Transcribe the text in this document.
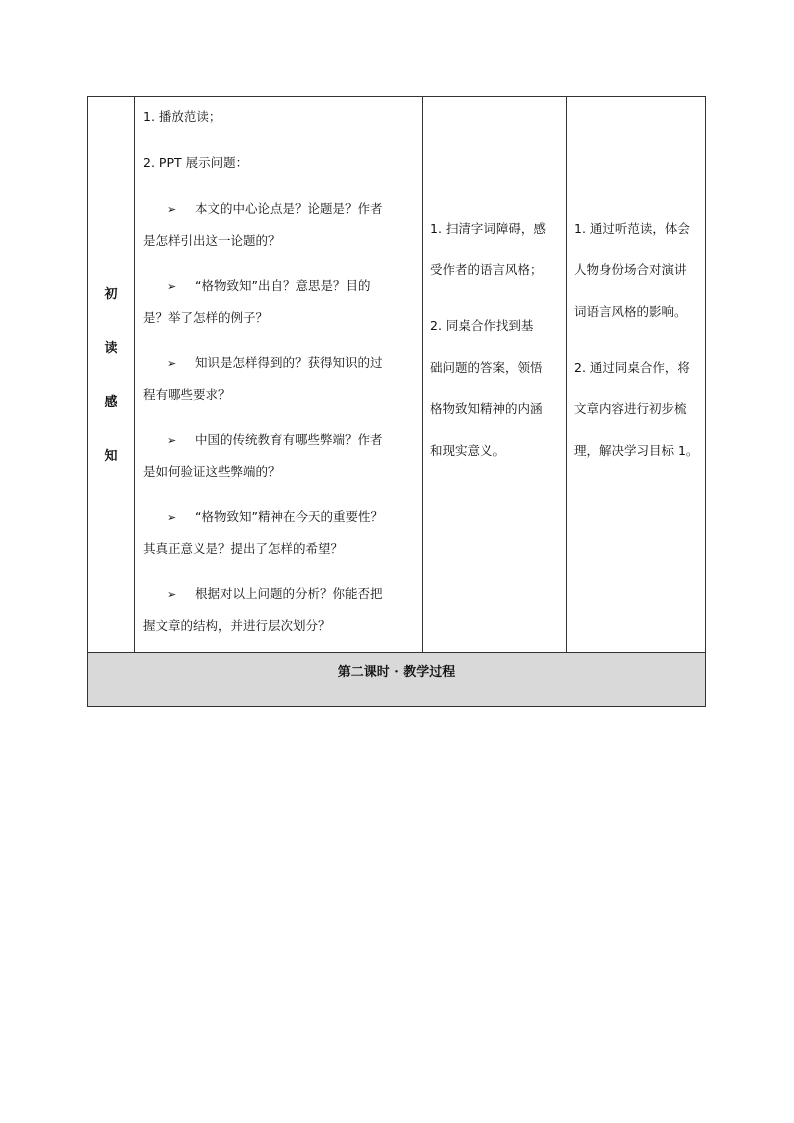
初
读
感
知
1. 播放范读；
2. PPT 展示问题：
➢ 本文的中心论点是？论题是？作者
是怎样引出这一论题的？
➢ “格物致知”出自？意思是？目的
是？举了怎样的例子？
➢ 知识是怎样得到的？获得知识的过
程有哪些要求？
➢ 中国的传统教育有哪些弊端？作者
是如何验证这些弊端的？
➢ “格物致知”精神在今天的重要性？
其真正意义是？提出了怎样的希望？
➢ 根据对以上问题的分析？你能否把
握文章的结构，并进行层次划分？
1. 扫清字词障碍，感
受作者的语言风格；
2. 同桌合作找到基
础问题的答案，领悟
格物致知精神的内涵
和现实意义。
1. 通过听范读，体会
人物身份场合对演讲
词语言风格的影响。
2. 通过同桌合作，将
文章内容进行初步梳
理，解决学习目标 1。
第二课时 · 教学过程
